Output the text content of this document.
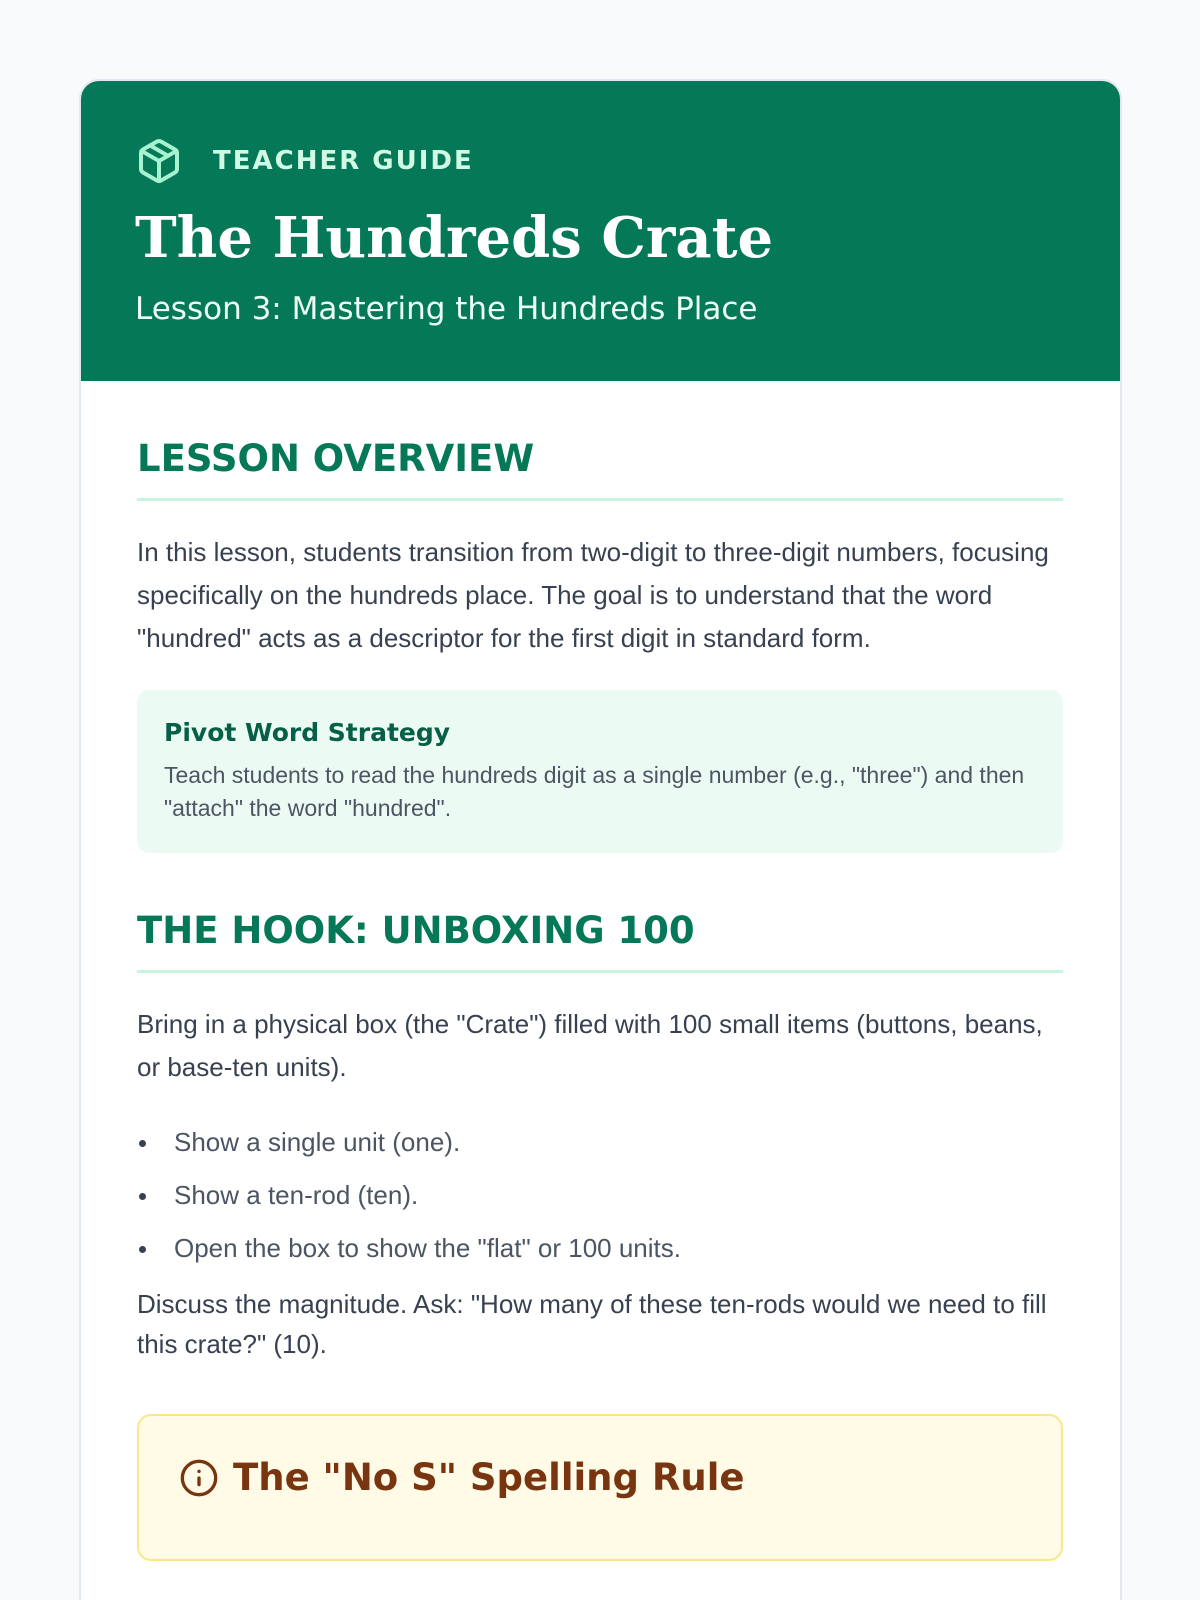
TEACHER GUIDE
The Hundreds Crate
Lesson 3: Mastering the Hundreds Place
LESSON OVERVIEW

In this lesson, students transition from two-digit to three-digit numbers, focusing specifically on the hundreds place. The goal is to understand that the word "hundred" acts as a descriptor for the first digit in standard form.

Pivot Word Strategy
Teach students to read the hundreds digit as a single number (e.g., "three") and then "attach" the word "hundred".
THE HOOK: UNBOXING 100

Bring in a physical box (the "Crate") filled with 100 small items (buttons, beans, or base-ten units).

Show a single unit (one).
Show a ten-rod (ten).
Open the box to show the "flat" or 100 units.

Discuss the magnitude. Ask: "How many of these ten-rods would we need to fill this crate?" (10).

The "No S" Spelling Rule
